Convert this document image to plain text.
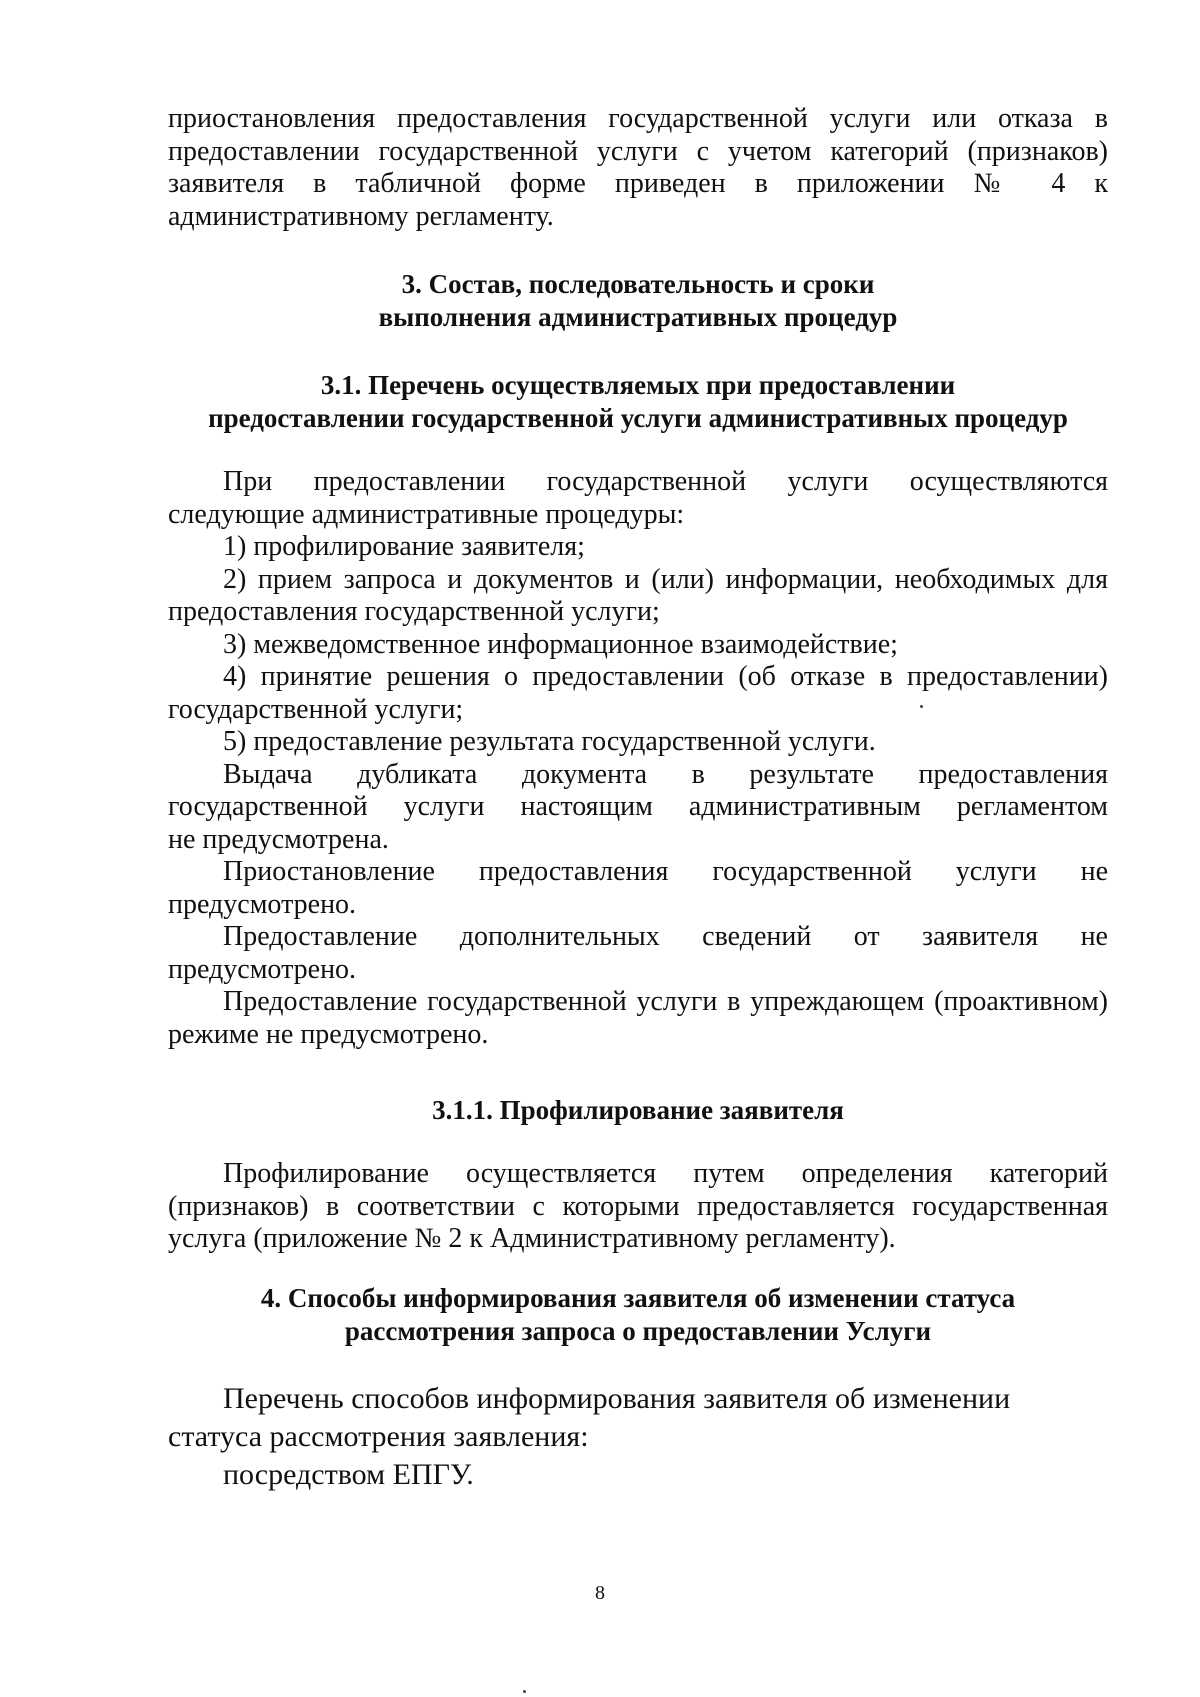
приостановления предоставления государственной услуги или отказа в
предоставлении государственной услуги с учетом категорий (признаков)
заявителя в табличной форме приведен в приложении № 4 к
административному регламенту.
3. Состав, последовательность и сроки
выполнения административных процедур
3.1. Перечень осуществляемых при предоставлении
предоставлении государственной услуги административных процедур
При предоставлении государственной услуги осуществляются
следующие административные процедуры:
1) профилирование заявителя;
2) прием запроса и документов и (или) информации, необходимых для
предоставления государственной услуги;
3) межведомственное информационное взаимодействие;
4) принятие решения о предоставлении (об отказе в предоставлении)
государственной услуги;
5) предоставление результата государственной услуги.
Выдача дубликата документа в результате предоставления
государственной услуги настоящим административным регламентом
не предусмотрена.
Приостановление предоставления государственной услуги не
предусмотрено.
Предоставление дополнительных сведений от заявителя не
предусмотрено.
Предоставление государственной услуги в упреждающем (проактивном)
режиме не предусмотрено.
3.1.1. Профилирование заявителя
Профилирование осуществляется путем определения категорий
(признаков) в соответствии с которыми предоставляется государственная
услуга (приложение № 2 к Административному регламенту).
4. Способы информирования заявителя об изменении статуса
рассмотрения запроса о предоставлении Услуги
Перечень способов информирования заявителя об изменении
статуса рассмотрения заявления:
посредством ЕПГУ.
8
